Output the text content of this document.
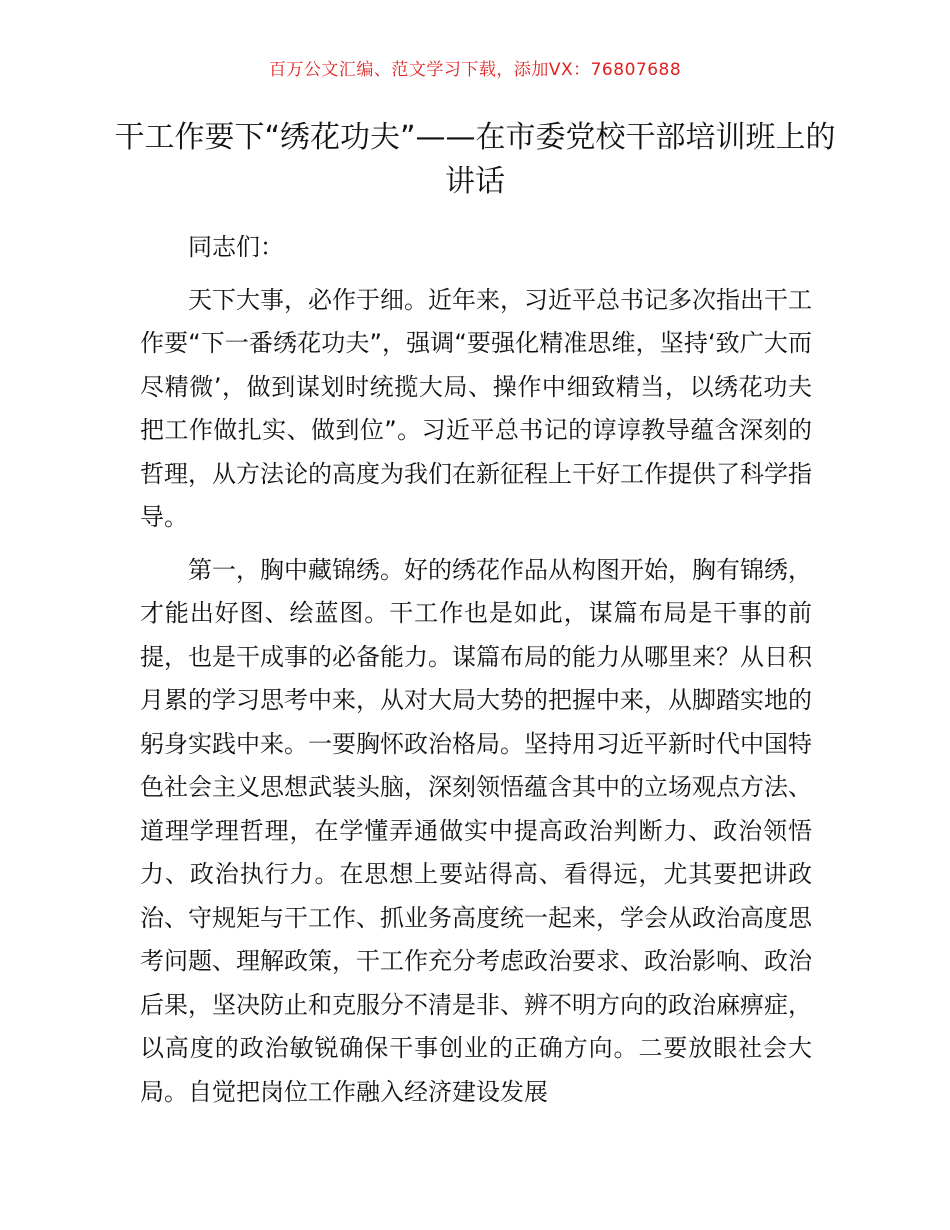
百万公文汇编、范文学习下载，添加VX：76807688
干工作要下“绣花功夫”——在市委党校干部培训班上的讲话

同志们：

天下大事，必作于细。近年来，习近平总书记多次指出干工作要“下一番绣花功夫”，强调“要强化精准思维，坚持‘致广大而尽精微’，做到谋划时统揽大局、操作中细致精当，以绣花功夫把工作做扎实、做到位”。习近平总书记的谆谆教导蕴含深刻的哲理，从方法论的高度为我们在新征程上干好工作提供了科学指导。

第一，胸中藏锦绣。好的绣花作品从构图开始，胸有锦绣，才能出好图、绘蓝图。干工作也是如此，谋篇布局是干事的前提，也是干成事的必备能力。谋篇布局的能力从哪里来？从日积月累的学习思考中来，从对大局大势的把握中来，从脚踏实地的躬身实践中来。一要胸怀政治格局。坚持用习近平新时代中国特色社会主义思想武装头脑，深刻领悟蕴含其中的立场观点方法、道理学理哲理，在学懂弄通做实中提高政治判断力、政治领悟力、政治执行力。在思想上要站得高、看得远，尤其要把讲政治、守规矩与干工作、抓业务高度统一起来，学会从政治高度思考问题、理解政策，干工作充分考虑政治要求、政治影响、政治后果，坚决防止和克服分不清是非、辨不明方向的政治麻痹症，以高度的政治敏锐确保干事创业的正确方向。二要放眼社会大局。自觉把岗位工作融入经济建设发展
